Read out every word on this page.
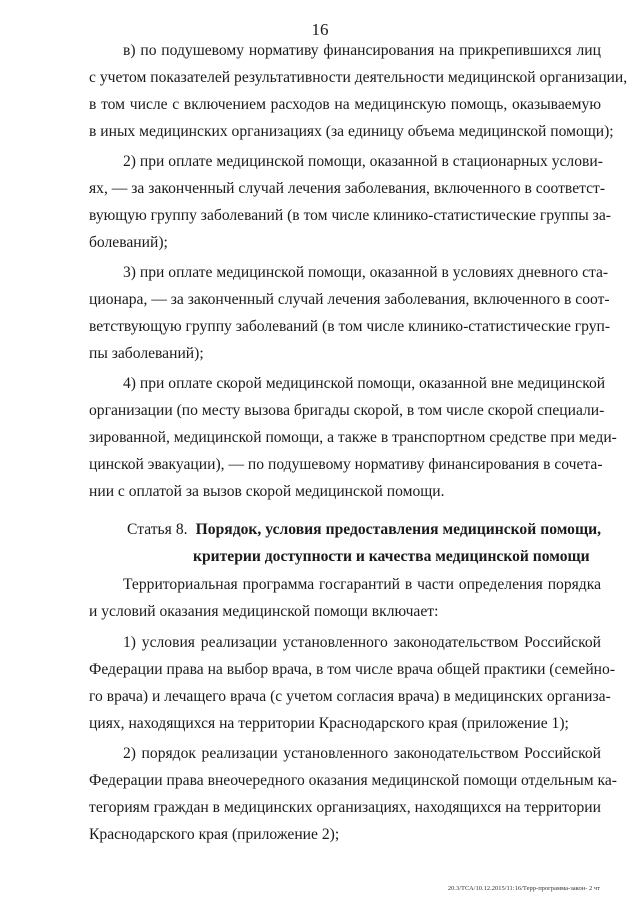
16
в) по подушевому нормативу финансирования на прикрепившихся лиц
с учетом показателей результативности деятельности медицинской организации,
в том числе с включением расходов на медицинскую помощь, оказываемую
в иных медицинских организациях (за единицу объема медицинской помощи);
2) при оплате медицинской помощи, оказанной в стационарных услови-
ях, — за законченный случай лечения заболевания, включенного в соответст-
вующую группу заболеваний (в том числе клинико-статистические группы за-
болеваний);
3) при оплате медицинской помощи, оказанной в условиях дневного ста-
ционара, — за законченный случай лечения заболевания, включенного в соот-
ветствующую группу заболеваний (в том числе клинико-статистические груп-
пы заболеваний);
4) при оплате скорой медицинской помощи, оказанной вне медицинской
организации (по месту вызова бригады скорой, в том числе скорой специали-
зированной, медицинской помощи, а также в транспортном средстве при меди-
цинской эвакуации), — по подушевому нормативу финансирования в сочета-
нии с оплатой за вызов скорой медицинской помощи.
Статья 8. Порядок, условия предоставления медицинской помощи,
критерии доступности и качества медицинской помощи
Территориальная программа госгарантий в части определения порядка
и условий оказания медицинской помощи включает:
1) условия реализации установленного законодательством Российской
Федерации права на выбор врача, в том числе врача общей практики (семейно-
го врача) и лечащего врача (с учетом согласия врача) в медицинских организа-
циях, находящихся на территории Краснодарского края (приложение 1);
2) порядок реализации установленного законодательством Российской
Федерации права внеочередного оказания медицинской помощи отдельным ка-
тегориям граждан в медицинских организациях, находящихся на территории
Краснодарского края (приложение 2);
20.3/ТСА/10.12.2015/11:16/Терр-программа-закон- 2 чт
